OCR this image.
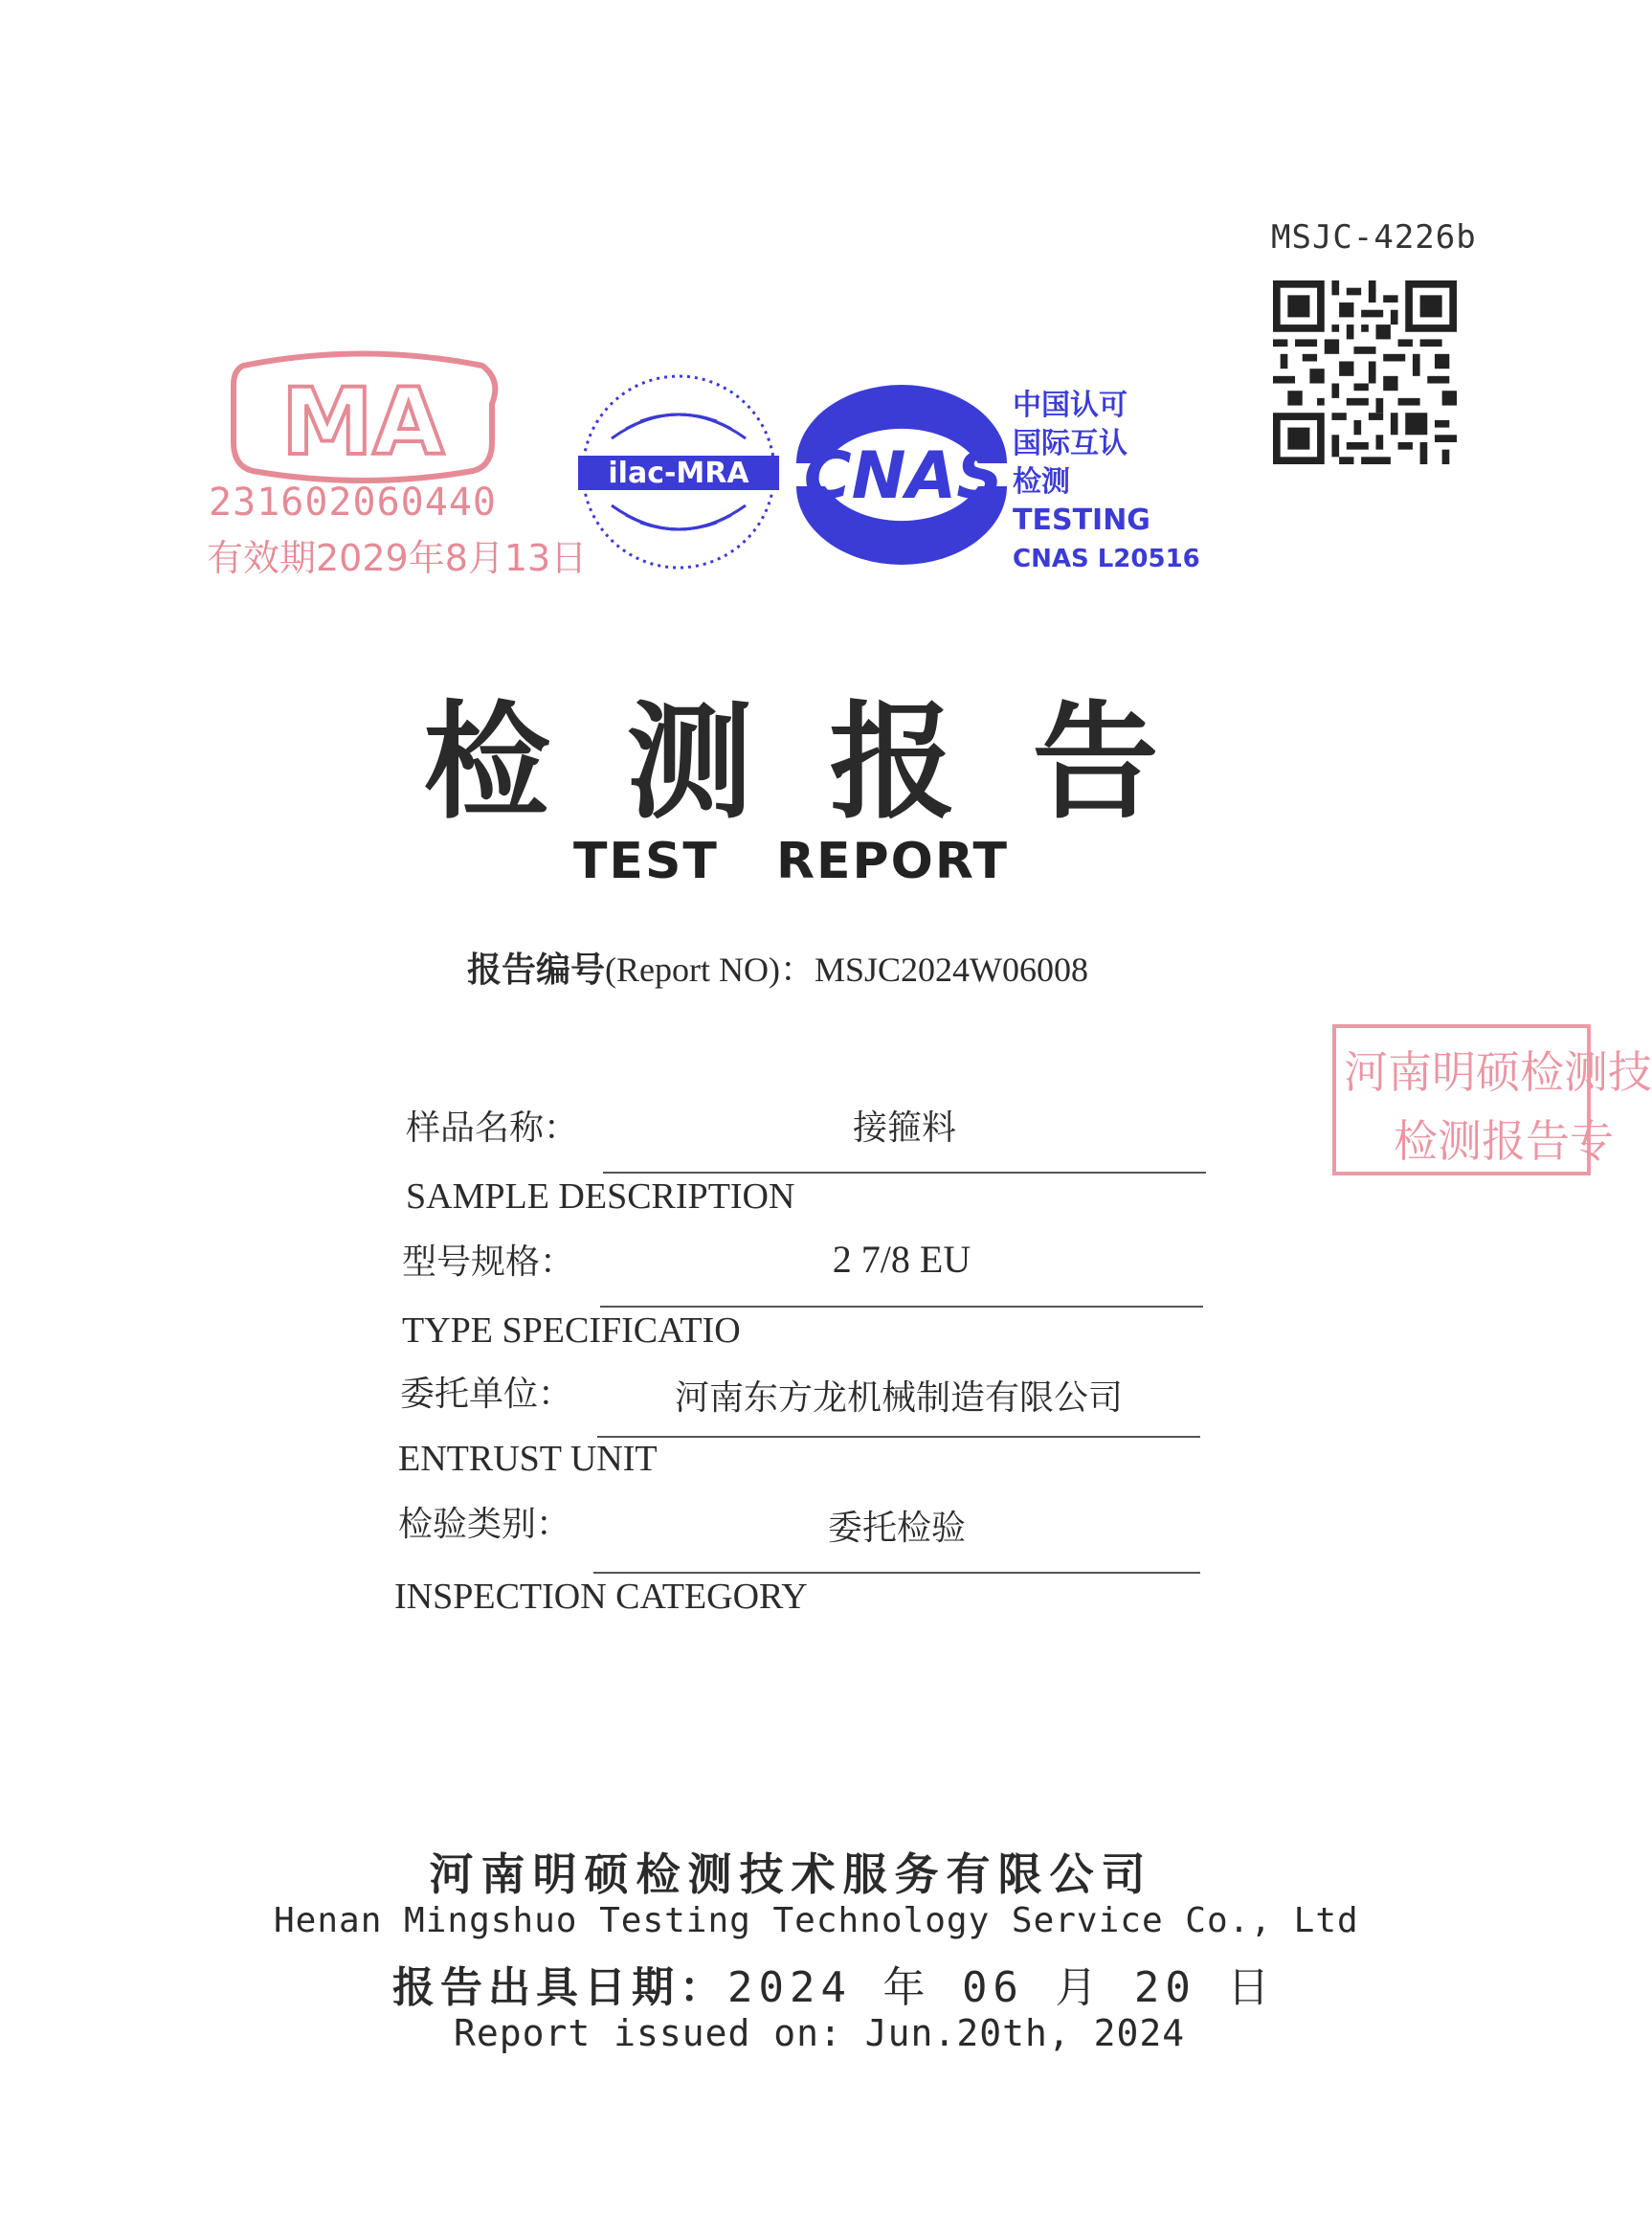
MSJC-4226b
MA
231602060440
有效期2029年8月13日
ilac-MRA CNAS
中国认可
国际互认
检测
TESTING
CNAS L20516
检测报告
TEST REPORT
报告编号(Report NO)：MSJC2024W06008
样品名称：	接箍料
SAMPLE DESCRIPTION
型号规格：	2 7/8 EU
TYPE SPECIFICATIO
委托单位：	河南东方龙机械制造有限公司
ENTRUST UNIT
检验类别：	委托检验
INSPECTION CATEGORY
河南明硕检测技
检测报告专
河南明硕检测技术服务有限公司
Henan Mingshuo Testing Technology Service Co., Ltd
报告出具日期：2024 年 06 月 20 日
Report issued on: Jun.20th, 2024
